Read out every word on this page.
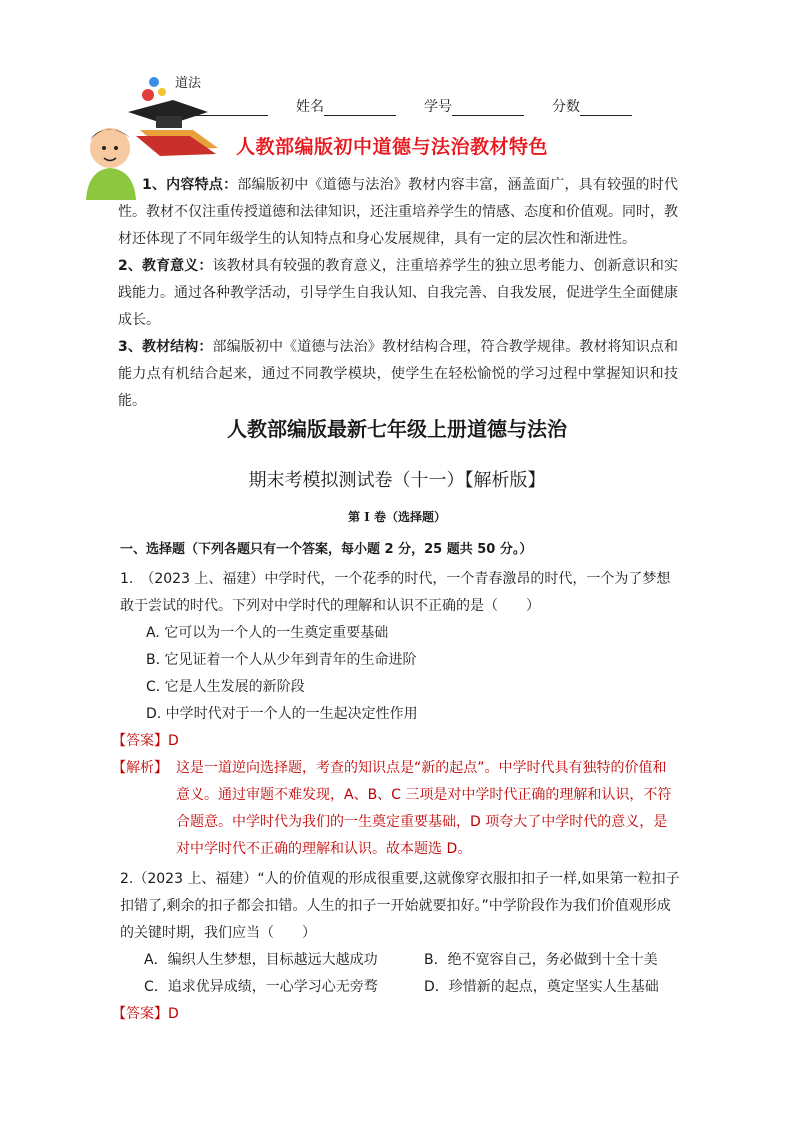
道法
姓名	学号	分数
人教部编版初中道德与法治教材特色

1、内容特点：部编版初中《道德与法治》教材内容丰富，涵盖面广，具有较强的时代性。教材不仅注重传授道德和法律知识，还注重培养学生的情感、态度和价值观。同时，教材还体现了不同年级学生的认知特点和身心发展规律，具有一定的层次性和渐进性。

2、教育意义：该教材具有较强的教育意义，注重培养学生的独立思考能力、创新意识和实践能力。通过各种教学活动，引导学生自我认知、自我完善、自我发展，促进学生全面健康成长。

3、教材结构：部编版初中《道德与法治》教材结构合理，符合教学规律。教材将知识点和能力点有机结合起来，通过不同教学模块，使学生在轻松愉悦的学习过程中掌握知识和技能。

人教部编版最新七年级上册道德与法治
期末考模拟测试卷（十一）【解析版】
第 I 卷（选择题）
一、选择题（下列各题只有一个答案，每小题 2 分，25 题共 50 分。）

1.　（2023 上、福建）中学时代，一个花季的时代，一个青春激昂的时代，一个为了梦想敢于尝试的时代。下列对中学时代的理解和认识不正确的是（　　）

A. 它可以为一个人的一生奠定重要基础

B. 它见证着一个人从少年到青年的生命进阶

C. 它是人生发展的新阶段

D. 中学时代对于一个人的一生起决定性作用

【答案】D

【解析】 这是一道逆向选择题，考查的知识点是“新的起点”。中学时代具有独特的价值和意义。通过审题不难发现，A、B、C 三项是对中学时代正确的理解和认识，不符合题意。中学时代为我们的一生奠定重要基础，D 项夸大了中学时代的意义，是对中学时代不正确的理解和认识。故本题选 D。

2.（2023 上、福建）“人的价值观的形成很重要,这就像穿衣服扣扣子一样,如果第一粒扣子扣错了,剩余的扣子都会扣错。人生的扣子一开始就要扣好。”中学阶段作为我们价值观形成的关键时期，我们应当（　　）

A．编织人生梦想，目标越远大越成功	B．绝不宽容自己，务必做到十全十美
C．追求优异成绩，一心学习心无旁骛	D．珍惜新的起点，奠定坚实人生基础

【答案】D
